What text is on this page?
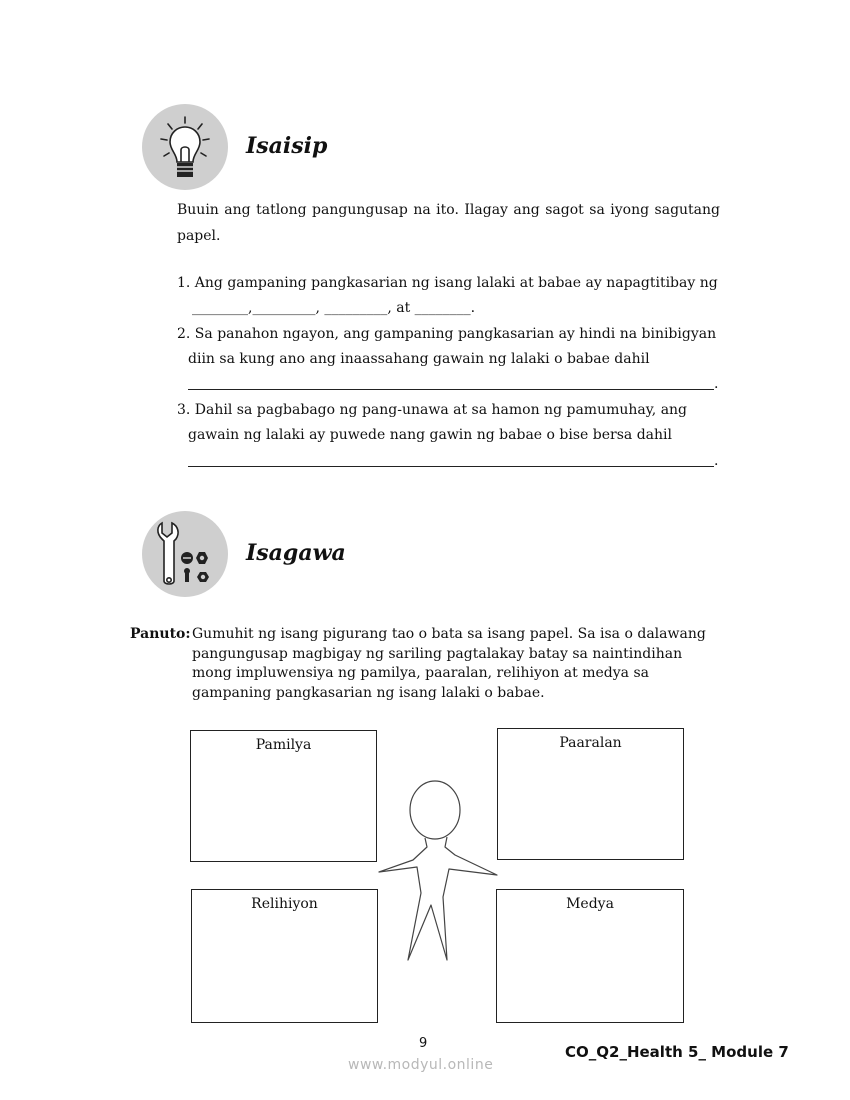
Isaisip
Buuin ang tatlong pangungusap na ito. Ilagay ang sagot sa iyong sagutang
papel.
1. Ang gampaning pangkasarian ng isang lalaki at babae ay napagtitibay ng
________,_________, _________, at ________.
2. Sa panahon ngayon, ang gampaning pangkasarian ay hindi na binibigyan
diin sa kung ano ang inaassahang gawain ng lalaki o babae dahil
.
3. Dahil sa pagbabago ng pang-unawa at sa hamon ng pamumuhay, ang
gawain ng lalaki ay puwede nang gawin ng babae o bise bersa dahil
.
Isagawa
Panuto: Gumuhit ng isang pigurang tao o bata sa isang papel. Sa isa o dalawang
pangungusap magbigay ng sariling pagtalakay batay sa naintindihan
mong impluwensiya ng pamilya, paaralan, relihiyon at medya sa
gampaning pangkasarian ng isang lalaki o babae.
Pamilya	Paaralan
Relihiyon	Medya
9	CO_Q2_Health 5_ Module 7
www.modyul.online
